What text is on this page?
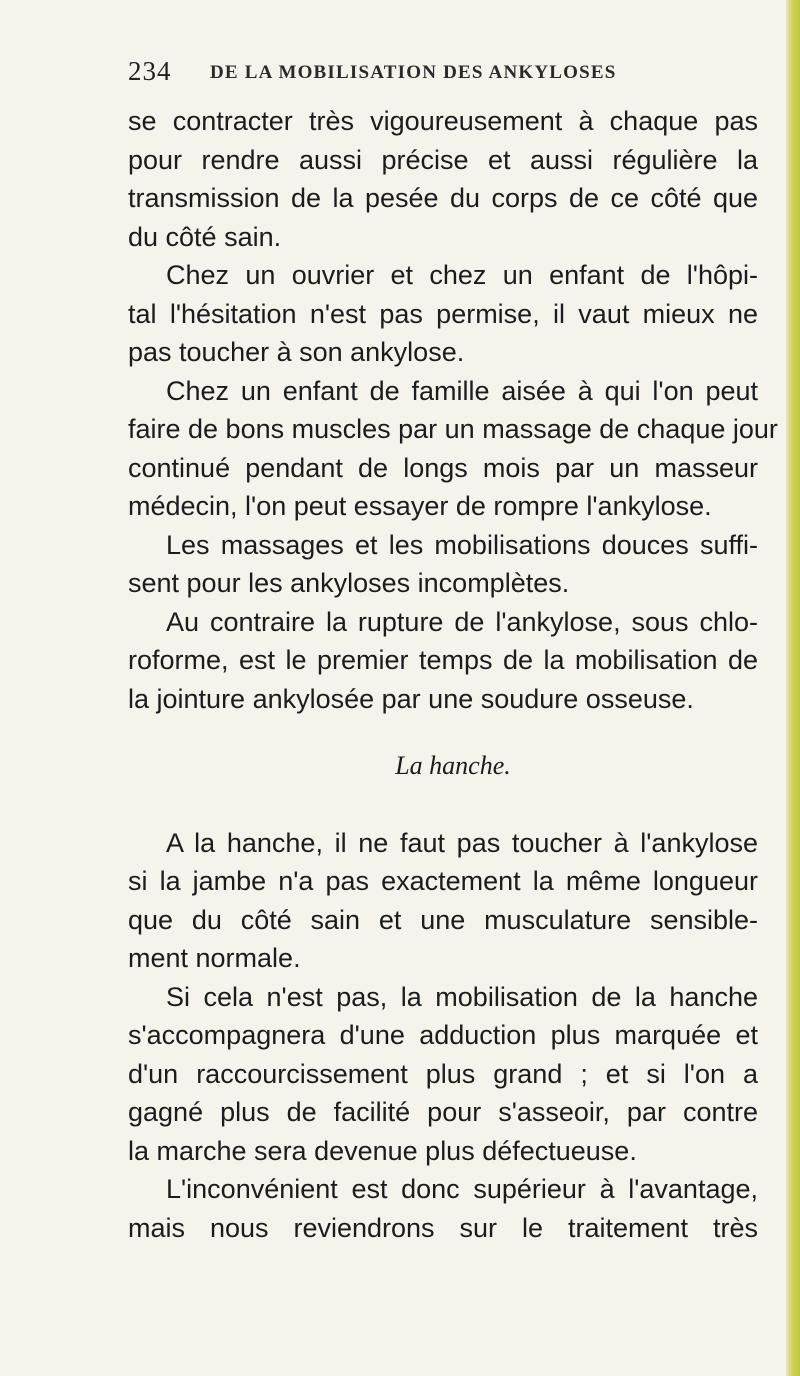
234 DE LA MOBILISATION DES ANKYLOSES
se contracter très vigoureusement à chaque pas
pour rendre aussi précise et aussi régulière la
transmission de la pesée du corps de ce côté que
du côté sain.
Chez un ouvrier et chez un enfant de l'hôpi-
tal l'hésitation n'est pas permise, il vaut mieux ne
pas toucher à son ankylose.
Chez un enfant de famille aisée à qui l'on peut
faire de bons muscles par un massage de chaque jour
continué pendant de longs mois par un masseur
médecin, l'on peut essayer de rompre l'ankylose.
Les massages et les mobilisations douces suffi-
sent pour les ankyloses incomplètes.
Au contraire la rupture de l'ankylose, sous chlo-
roforme, est le premier temps de la mobilisation de
la jointure ankylosée par une soudure osseuse.
La hanche.
A la hanche, il ne faut pas toucher à l'ankylose
si la jambe n'a pas exactement la même longueur
que du côté sain et une musculature sensible-
ment normale.
Si cela n'est pas, la mobilisation de la hanche
s'accompagnera d'une adduction plus marquée et
d'un raccourcissement plus grand ; et si l'on a
gagné plus de facilité pour s'asseoir, par contre
la marche sera devenue plus défectueuse.
L'inconvénient est donc supérieur à l'avantage,
mais nous reviendrons sur le traitement très
